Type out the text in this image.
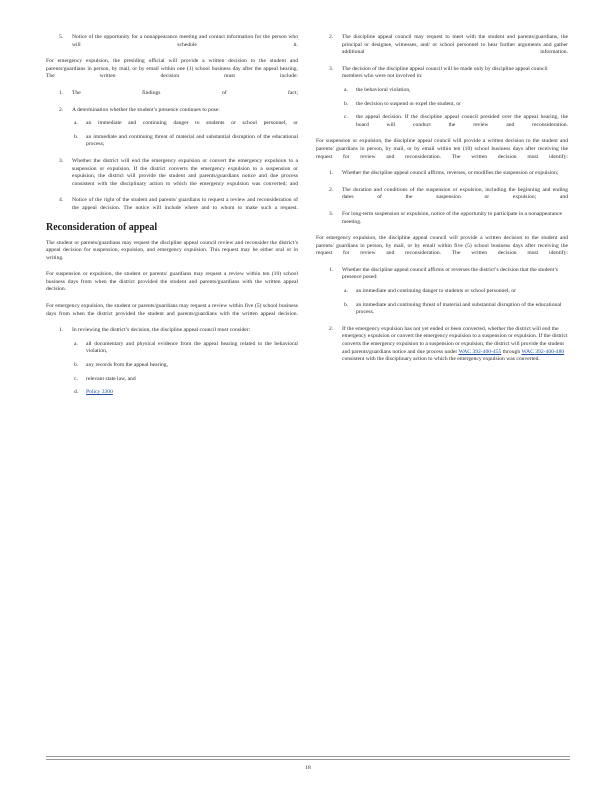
5. Notice of the opportunity for a nonappearance meeting and contact information for the person who will schedule it.

For emergency expulsion, the presiding official will provide a written decision to the student and parents/guardians in person, by mail, or by email within one (1) school business day after the appeal hearing. The written decision must include:

1. The findings of fact;
2. A determination whether the student’s presence continues to pose:
a. an immediate and continuing danger to students or school personnel, or
b. an immediate and continuing threat of material and substantial disruption of the educational process;
3. Whether the district will end the emergency expulsion or convert the emergency expulsion to a suspension or expulsion. If the district converts the emergency expulsion to a suspension or expulsion, the district will provide the student and parents/guardians notice and due process consistent with the disciplinary action to which the emergency expulsion was converted; and
4. Notice of the right of the student and parents/ guardians to request a review and reconsideration of the appeal decision. The notice will include where and to whom to make such a request.
Reconsideration of appeal

The student or parents/guardians may request the discipline appeal council review and reconsider the district’s appeal decision for suspension, expulsion, and emergency expulsion. This request may be either oral or in writing.

For suspension or expulsion, the student or parents/ guardians may request a review within ten (10) school business days from when the district provided the student and parents/guardians with the written appeal decision.

For emergency expulsion, the student or parents/guardians may request a review within five (5) school business days from when the district provided the student and parents/guardians with the written appeal decision.

1. In reviewing the district’s decision, the discipline appeal council must consider:
a. all documentary and physical evidence from the appeal hearing related to the behavioral violation,
b. any records from the appeal hearing,
c. relevant state law, and
d. Policy 3300
2. The discipline appeal council may request to meet with the student and parents/guardians, the principal or designee, witnesses, and/ or school personnel to hear further arguments and gather additional information.
3. The decision of the discipline appeal council will be made only by discipline appeal council members who were not involved in:
a. the behavioral violation,
b. the decision to suspend or expel the student, or
c. the appeal decision. If the discipline appeal council presided over the appeal hearing, the board will conduct the review and reconsideration.

For suspension or expulsion, the discipline appeal council will provide a written decision to the student and parents/ guardians in person, by mail, or by email within ten (10) school business days after receiving the request for review and reconsideration. The written decision must identify:

1. Whether the discipline appeal council affirms, reverses, or modifies the suspension or expulsion;
2. The duration and conditions of the suspension or expulsion, including the beginning and ending dates of the suspension or expulsion; and
3. For long-term suspension or expulsion, notice of the opportunity to participate in a nonappearance meeting.

For emergency expulsion, the discipline appeal council will provide a written decision to the student and parents/ guardians in person, by mail, or by email within five (5) school business days after receiving the request for review and reconsideration. The written decision must identify:

1. Whether the discipline appeal council affirms or reverses the district’s decision that the student’s presence posed:
a. an immediate and continuing danger to students or school personnel, or
b. an immediate and continuing threat of material and substantial disruption of the educational process.
2. If the emergency expulsion has not yet ended or been converted, whether the district will end the emergency expulsion or convert the emergency expulsion to a suspension or expulsion. If the district converts the emergency expulsion to a suspension or expulsion, the district will provide the student and parents/guardians notice and due process under WAC 392-400-455 through WAC 392-400-480 consistent with the disciplinary action to which the emergency expulsion was converted.
18
